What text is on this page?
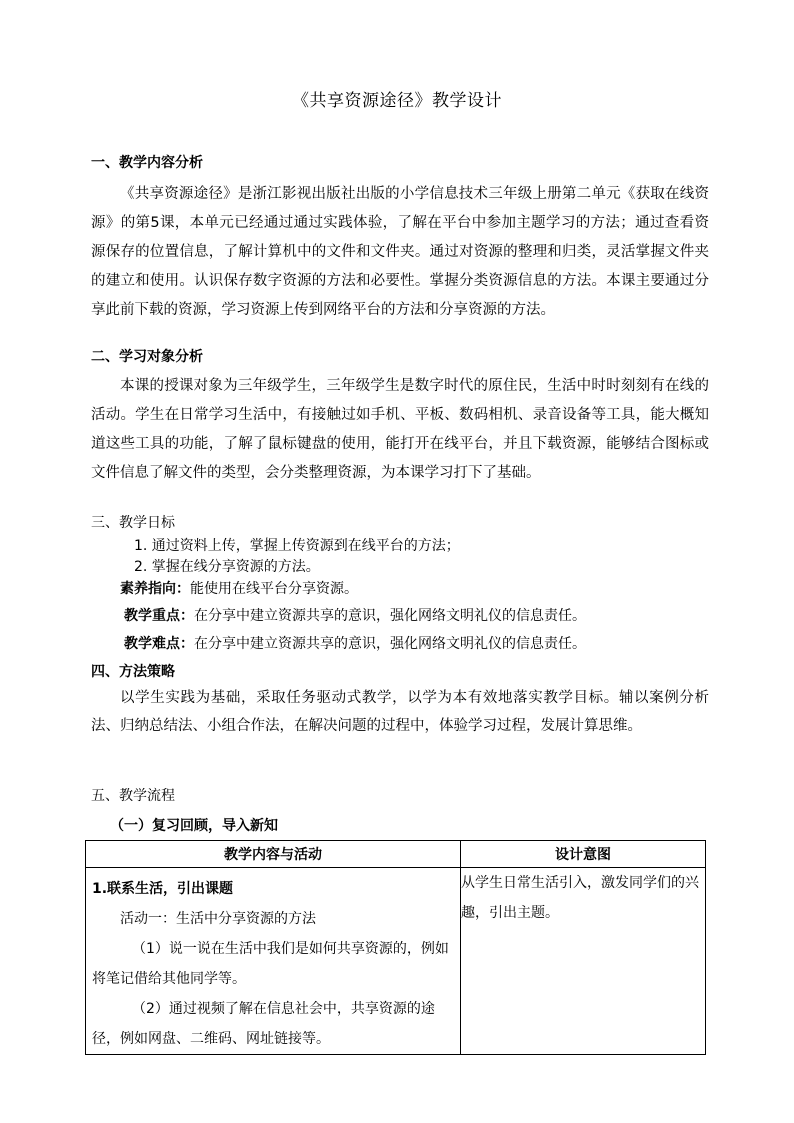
《共享资源途径》教学设计
一、教学内容分析
《共享资源途径》是浙江影视出版社出版的小学信息技术三年级上册第二单元《获取在线资源》的第5课，本单元已经通过通过实践体验，了解在平台中参加主题学习的方法；通过查看资源保存的位置信息，了解计算机中的文件和文件夹。通过对资源的整理和归类，灵活掌握文件夹的建立和使用。认识保存数字资源的方法和必要性。掌握分类资源信息的方法。本课主要通过分享此前下载的资源，学习资源上传到网络平台的方法和分享资源的方法。
二、学习对象分析
本课的授课对象为三年级学生，三年级学生是数字时代的原住民，生活中时时刻刻有在线的活动。学生在日常学习生活中，有接触过如手机、平板、数码相机、录音设备等工具，能大概知道这些工具的功能，了解了鼠标键盘的使用，能打开在线平台，并且下载资源，能够结合图标或文件信息了解文件的类型，会分类整理资源，为本课学习打下了基础。
三、教学日标
1. 通过资料上传，掌握上传资源到在线平台的方法；
2. 掌握在线分享资源的方法。
素养指向：能使用在线平台分享资源。
教学重点：在分享中建立资源共享的意识，强化网络文明礼仪的信息责任。
教学难点：在分享中建立资源共享的意识，强化网络文明礼仪的信息责任。
四、方法策略
以学生实践为基础，采取任务驱动式教学，以学为本有效地落实教学目标。辅以案例分析法、归纳总结法、小组合作法，在解决问题的过程中，体验学习过程，发展计算思维。
五、教学流程
（一）复习回顾，导入新知
教学内容与活动	设计意图

1.联系生活，引出课题
活动一：生活中分享资源的方法
（1）说一说在生活中我们是如何共享资源的，例如将笔记借给其他同学等。
（2）通过视频了解在信息社会中，共享资源的途径，例如网盘、二维码、网址链接等。	从学生日常生活引入，激发同学们的兴趣，引出主题。
